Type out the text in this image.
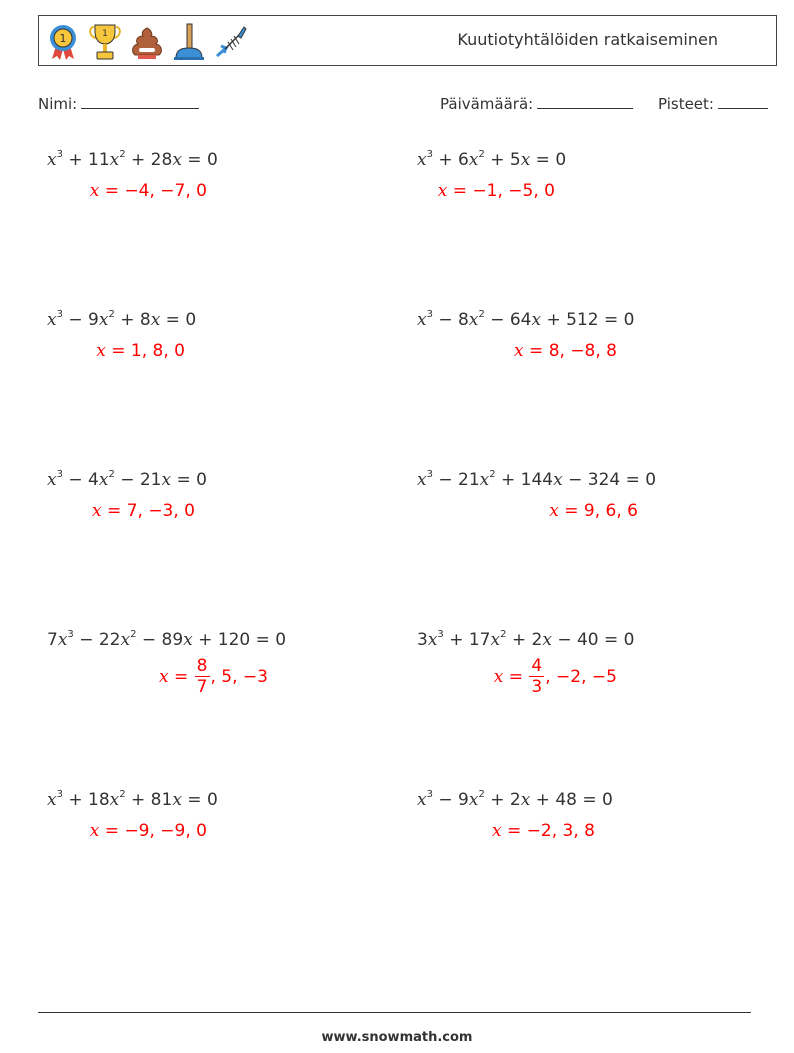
1	1	Kuutiotyhtälöiden ratkaiseminen
Nimi:	Päivämäärä:	Pisteet:
$x^3 + 11x^2 + 28x = 0$
x = −4, −7, 0
$x^3 + 6x^2 + 5x = 0$
x = −1, −5, 0
$x^3 - 9x^2 + 8x = 0$
x = 1, 8, 0
$x^3 - 8x^2 - 64x + 512 = 0$
x = 8, −8, 8
$x^3 - 4x^2 - 21x = 0$
x = 7, −3, 0
$x^3 - 21x^2 + 144x - 324 = 0$
x = 9, 6, 6
$7x^3 - 22x^2 - 89x + 120 = 0$
$x = \frac{8}{7}$ , 5, −3
$3x^3 + 17x^2 + 2x - 40 = 0$
$x = \frac{4}{3}$ , −2, −5
$x^3 + 18x^2 + 81x = 0$
x = −9, −9, 0
$x^3 - 9x^2 + 2x + 48 = 0$
x = −2, 3, 8
www.snowmath.com
